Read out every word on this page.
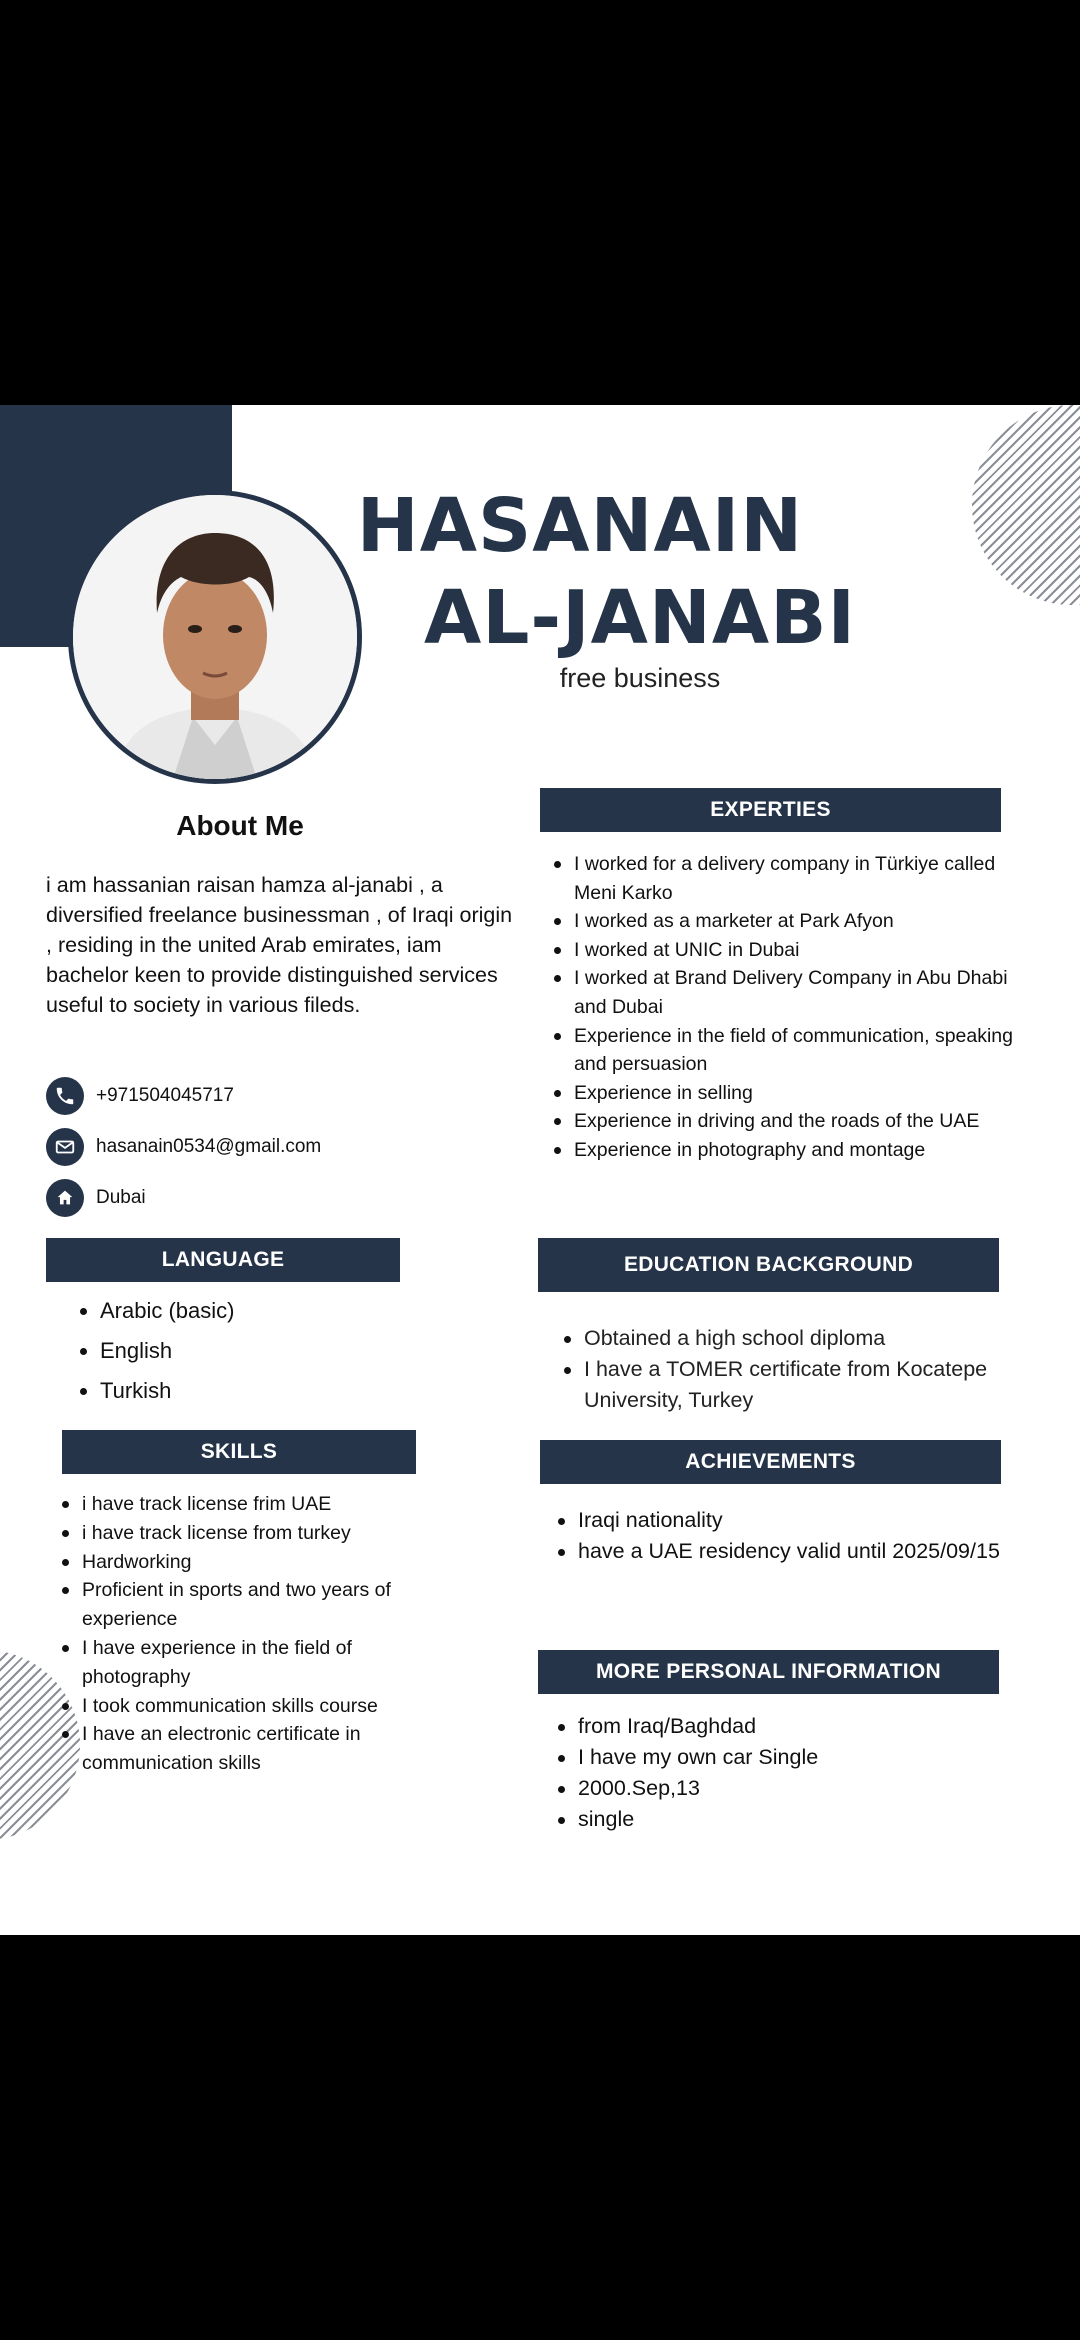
HASANAIN
AL-JANABI
free business
About Me
i am hassanian raisan hamza al-janabi , a diversified freelance businessman , of Iraqi origin , residing in the united Arab emirates, iam bachelor keen to provide distinguished services useful to society in various fileds.
+971504045717
hasanain0534@gmail.com
Dubai
EXPERTIES
I worked for a delivery company in Türkiye called Meni Karko
I worked as a marketer at Park Afyon
I worked at UNIC in Dubai
I worked at Brand Delivery Company in Abu Dhabi and Dubai
Experience in the field of communication, speaking and persuasion
Experience in selling
Experience in driving and the roads of the UAE
Experience in photography and montage
LANGUAGE
Arabic (basic)
English
Turkish
SKILLS
i have track license frim UAE
i have track license from turkey
Hardworking
Proficient in sports and two years of experience
I have experience in the field of photography
I took communication skills course
I have an electronic certificate in communication skills
EDUCATION BACKGROUND
Obtained a high school diploma
I have a TOMER certificate from Kocatepe University, Turkey
ACHIEVEMENTS
Iraqi nationality
have a UAE residency valid until 2025/09/15
MORE PERSONAL INFORMATION
from Iraq/Baghdad
I have my own car Single
2000.Sep,13
single
